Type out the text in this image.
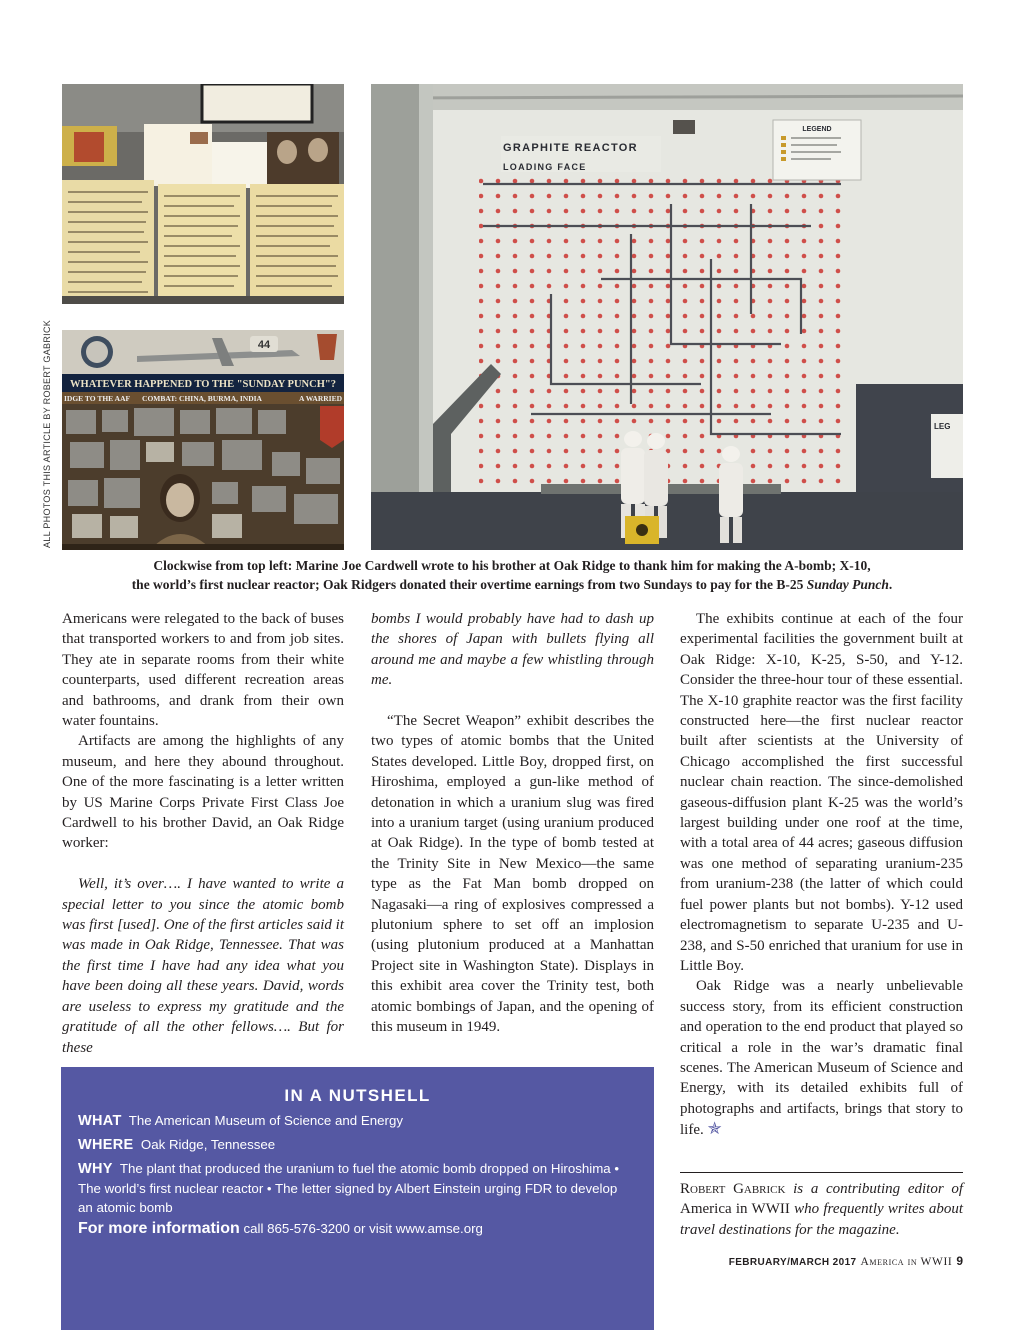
44
WHATEVER HAPPENED TO THE "SUNDAY PUNCH"?
IDGE TO THE AAF COMBAT: CHINA, BURMA, INDIA	A WARRIED
GRAPHITE REACTOR
LOADING FACE
LEGEND
LEG
ALL PHOTOS THIS ARTICLE BY ROBERT GABRICK
Clockwise from top left: Marine Joe Cardwell wrote to his brother at Oak Ridge to thank him for making the A-bomb; X-10,
the world’s first nuclear reactor; Oak Ridgers donated their overtime earnings from two Sundays to pay for the B-25 Sunday Punch.

Americans were relegated to the back of buses that transported workers to and from job sites. They ate in separate rooms from their white counterparts, used different recreation areas and bathrooms, and drank from their own water fountains.

Artifacts are among the highlights of any museum, and here they abound throughout. One of the more fascinating is a letter written by US Marine Corps Private First Class Joe Cardwell to his brother David, an Oak Ridge worker:

Well, it’s over…. I have wanted to write a special letter to you since the atomic bomb was first [used]. One of the first articles said it was made in Oak Ridge, Tennessee. That was the first time I have had any idea what you have been doing all these years. David, words are useless to express my gratitude and the gratitude of all the other fellows…. But for these

bombs I would probably have had to dash up the shores of Japan with bullets flying all around me and maybe a few whistling through me.

“The Secret Weapon” exhibit describes the two types of atomic bombs that the United States developed. Little Boy, dropped first, on Hiroshima, employed a gun-like method of detonation in which a uranium slug was fired into a uranium target (using uranium produced at Oak Ridge). In the type of bomb tested at the Trinity Site in New Mexico—the same type as the Fat Man bomb dropped on Nagasaki—a ring of explosives compressed a plutonium sphere to set off an implosion (using plutonium produced at a Manhattan Project site in Washington State). Displays in this exhibit area cover the Trinity test, both atomic bombings of Japan, and the opening of this museum in 1949.

The exhibits continue at each of the four experimental facilities the government built at Oak Ridge: X-10, K-25, S-50, and Y-12. Consider the three-hour tour of these essential. The X-10 graphite reactor was the first facility constructed here—the first nuclear reactor built after scientists at the University of Chicago accomplished the first successful nuclear chain reaction. The since-demolished gaseous-diffusion plant K-25 was the world’s largest building under one roof at the time, with a total area of 44 acres; gaseous diffusion was one method of separating uranium-235 from uranium-238 (the latter of which could fuel power plants but not bombs). Y-12 used electromagnetism to separate U-235 and U-238, and S-50 enriched that uranium for use in Little Boy.

Oak Ridge was a nearly unbelievable success story, from its efficient construction and operation to the end product that played so critical a role in the war’s dramatic final scenes. The American Museum of Science and Energy, with its detailed exhibits full of photographs and artifacts, brings that story to life. ✯

IN A NUTSHELL
WHAT The American Museum of Science and Energy
WHERE Oak Ridge, Tennessee
WHY The plant that produced the uranium to fuel the atomic bomb dropped on Hiroshima • The world’s first nuclear reactor • The letter signed by Albert Einstein urging FDR to develop an atomic bomb
For more information call 865-576-3200 or visit www.amse.org
Robert Gabrick is a contributing editor of America in WWII who frequently writes about travel destinations for the magazine.
FEBRUARY/MARCH 2017 America in WWII 9
